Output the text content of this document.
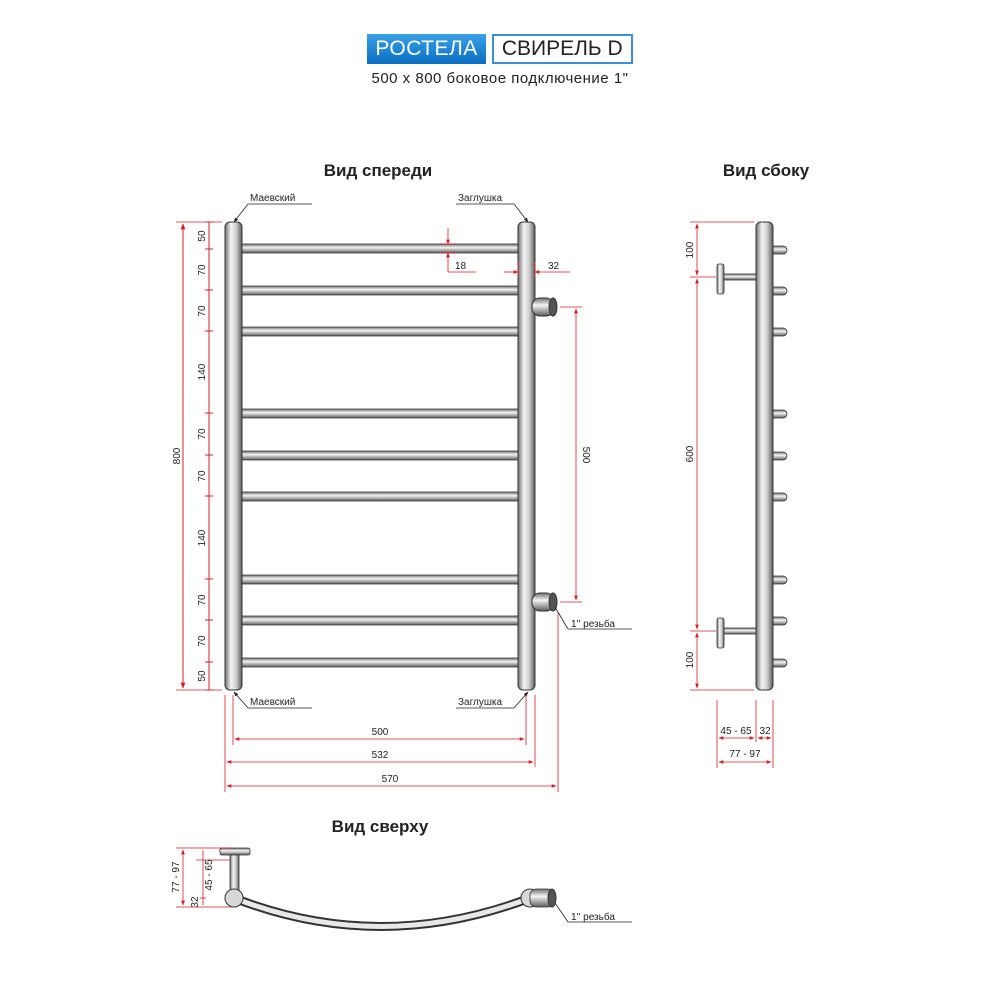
РОСТЕЛА	СВИРЕЛЬ D
500 x 800 боковое подключение 1"
Вид спереди
Маевский	Заглушка
1'' резьба
Маевский	Заглушка
800
50
70
70
140
70
70
140
70
70
50
18	32
500
500
532
570
Вид сбоку
100
600
100
45 - 65 32
77 - 97
Вид сверху
1'' резьба
77 - 97
32
45 - 65
